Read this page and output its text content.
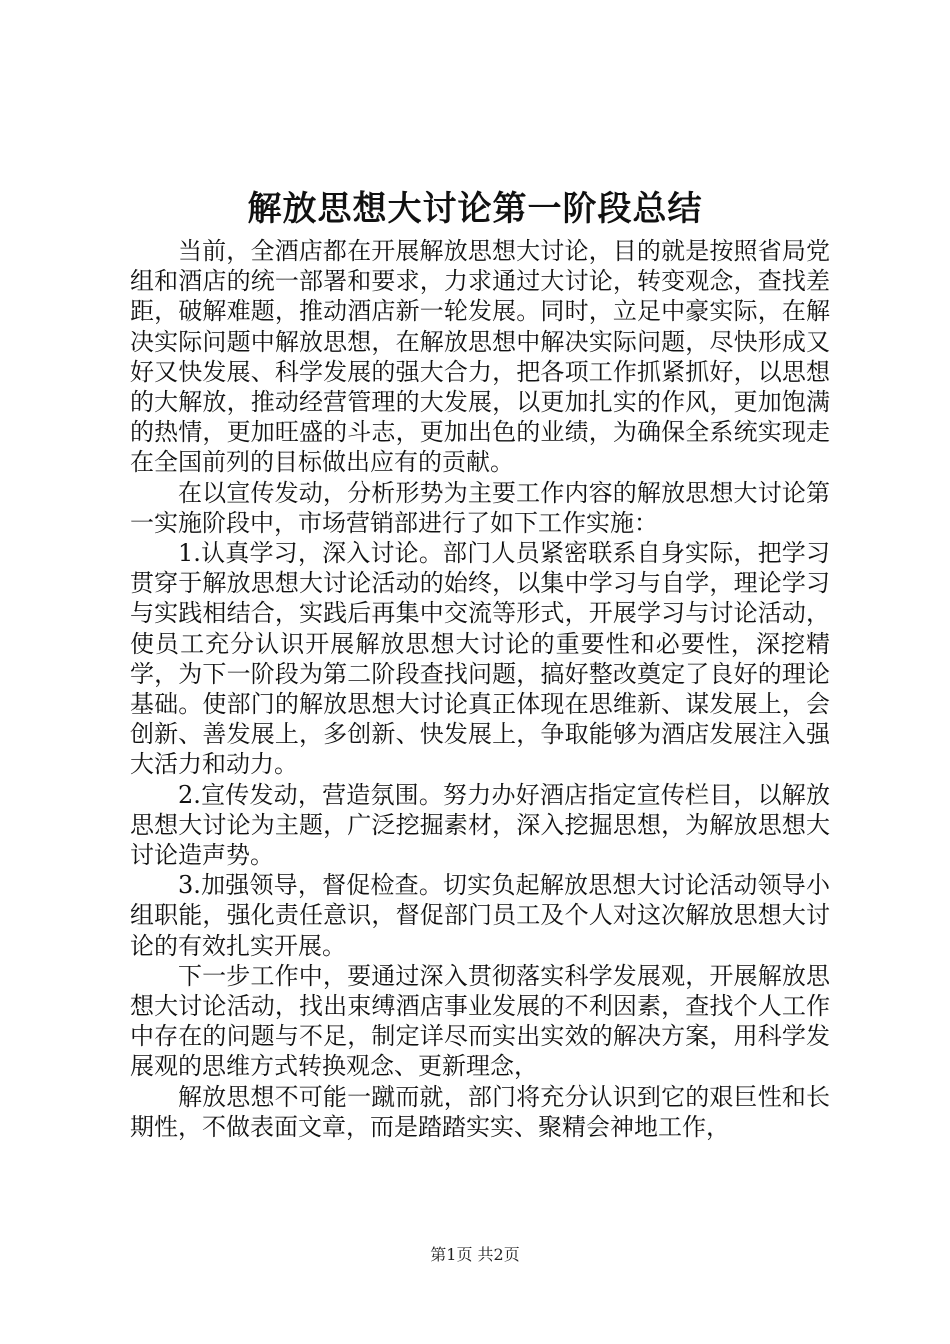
解放思想大讨论第一阶段总结

当前，全酒店都在开展解放思想大讨论，目的就是按照省局党组和酒店的统一部署和要求，力求通过大讨论，转变观念，查找差距，破解难题，推动酒店新一轮发展。同时，立足中豪实际，在解决实际问题中解放思想，在解放思想中解决实际问题，尽快形成又好又快发展、科学发展的强大合力，把各项工作抓紧抓好，以思想的大解放，推动经营管理的大发展，以更加扎实的作风，更加饱满的热情，更加旺盛的斗志，更加出色的业绩，为确保全系统实现走在全国前列的目标做出应有的贡献。

在以宣传发动，分析形势为主要工作内容的解放思想大讨论第一实施阶段中，市场营销部进行了如下工作实施：

1.认真学习，深入讨论。部门人员紧密联系自身实际，把学习贯穿于解放思想大讨论活动的始终，以集中学习与自学，理论学习与实践相结合，实践后再集中交流等形式，开展学习与讨论活动，使员工充分认识开展解放思想大讨论的重要性和必要性，深挖精学，为下一阶段为第二阶段查找问题，搞好整改奠定了良好的理论基础。使部门的解放思想大讨论真正体现在思维新、谋发展上，会创新、善发展上，多创新、快发展上，争取能够为酒店发展注入强大活力和动力。

2.宣传发动，营造氛围。努力办好酒店指定宣传栏目，以解放思想大讨论为主题，广泛挖掘素材，深入挖掘思想，为解放思想大讨论造声势。

3.加强领导，督促检查。切实负起解放思想大讨论活动领导小组职能，强化责任意识，督促部门员工及个人对这次解放思想大讨论的有效扎实开展。

下一步工作中，要通过深入贯彻落实科学发展观，开展解放思想大讨论活动，找出束缚酒店事业发展的不利因素，查找个人工作中存在的问题与不足，制定详尽而实出实效的解决方案，用科学发展观的思维方式转换观念、更新理念，

解放思想不可能一蹴而就，部门将充分认识到它的艰巨性和长期性，不做表面文章，而是踏踏实实、聚精会神地工作，

第1页 共2页
